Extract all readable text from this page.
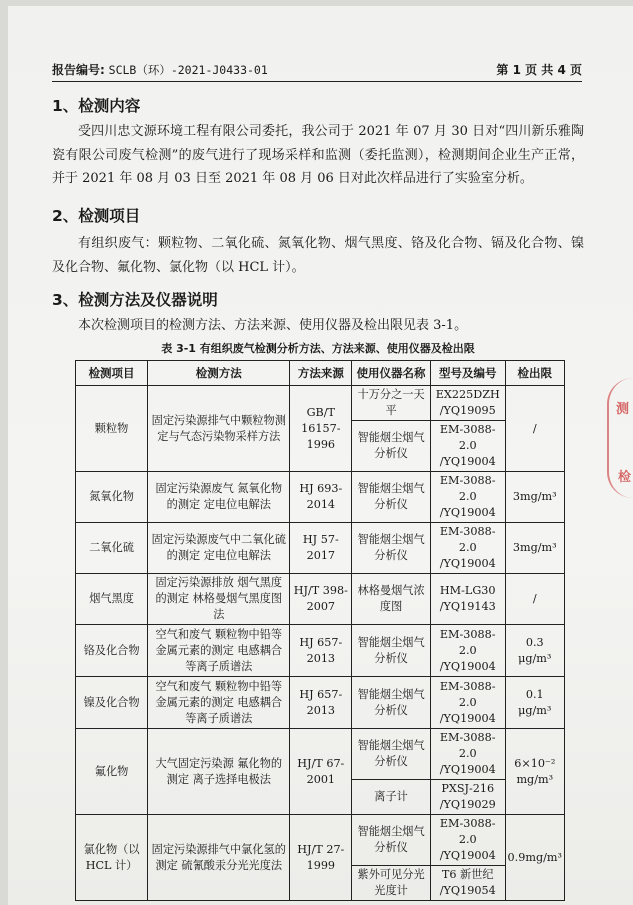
报告编号: SCLB（环）-2021-J0433-01	第 1 页 共 4 页
1、检测内容
受四川忠文源环境工程有限公司委托，我公司于 2021 年 07 月 30 日对“四川新乐雅陶瓷有限公司废气检测”的废气进行了现场采样和监测（委托监测），检测期间企业生产正常，并于 2021 年 08 月 03 日至 2021 年 08 月 06 日对此次样品进行了实验室分析。
2、检测项目
有组织废气：颗粒物、二氧化硫、氮氧化物、烟气黑度、铬及化合物、镉及化合物、镍及化合物、氟化物、氯化物（以 HCL 计）。
3、检测方法及仪器说明
本次检测项目的检测方法、方法来源、使用仪器及检出限见表 3-1。
表 3-1 有组织废气检测分析方法、方法来源、使用仪器及检出限
检测项目	检测方法	方法来源	使用仪器名称	型号及编号	检出限
颗粒物	固定污染源排气中颗粒物测定与气态污染物采样方法	GB/T 16157-1996	十万分之一天平	EX225DZH /YQ19095	/
			智能烟尘烟气分析仪	EM-3088-2.0 /YQ19004	
氮氧化物	固定污染源废气 氮氧化物的测定 定电位电解法	HJ 693-2014	智能烟尘烟气分析仪	EM-3088-2.0 /YQ19004	3mg/m³
二氧化硫	固定污染源废气中二氧化硫的测定 定电位电解法	HJ 57-2017	智能烟尘烟气分析仪	EM-3088-2.0 /YQ19004	3mg/m³
烟气黑度	固定污染源排放 烟气黑度的测定 林格曼烟气黑度图法	HJ/T 398-2007	林格曼烟气浓度图	HM-LG30 /YQ19143	/
铬及化合物	空气和废气 颗粒物中铅等金属元素的测定 电感耦合等离子质谱法	HJ 657-2013	智能烟尘烟气分析仪	EM-3088-2.0 /YQ19004	0.3 μg/m³
镍及化合物	空气和废气 颗粒物中铅等金属元素的测定 电感耦合等离子质谱法	HJ 657-2013	智能烟尘烟气分析仪	EM-3088-2.0 /YQ19004	0.1 μg/m³
氟化物	大气固定污染源 氟化物的测定 离子选择电极法	HJ/T 67-2001	智能烟尘烟气分析仪	EM-3088-2.0 /YQ19004	6×10⁻² mg/m³
			离子计	PXSJ-216 /YQ19029	
氯化物（以 HCL 计）	固定污染源排气中氯化氢的测定 硫氰酸汞分光光度法	HJ/T 27-1999	智能烟尘烟气分析仪	EM-3088-2.0 /YQ19004	0.9mg/m³
			紫外可见分光光度计	T6 新世纪 /YQ19054	
测
检
